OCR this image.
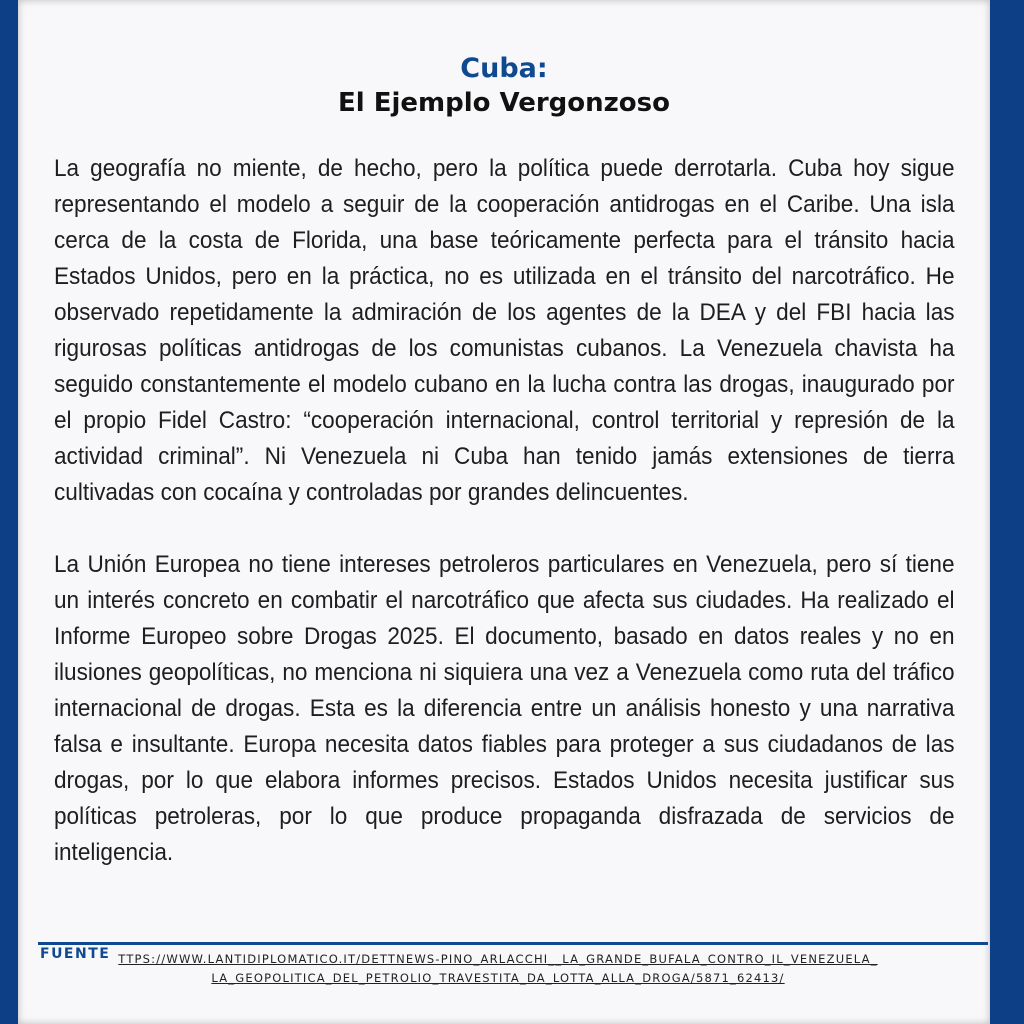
Cuba:
El Ejemplo Vergonzoso

La geografía no miente, de hecho, pero la política puede derrotarla. Cuba hoy sigue representando el modelo a seguir de la cooperación antidrogas en el Caribe. Una isla cerca de la costa de Florida, una base teóricamente perfecta para el tránsito hacia Estados Unidos, pero en la práctica, no es utilizada en el tránsito del narcotráfico. He observado repetidamente la admiración de los agentes de la DEA y del FBI hacia las rigurosas políticas antidrogas de los comunistas cubanos. La Venezuela chavista ha seguido constantemente el modelo cubano en la lucha contra las drogas, inaugurado por el propio Fidel Castro: “cooperación internacional, control territorial y represión de la actividad criminal”. Ni Venezuela ni Cuba han tenido jamás extensiones de tierra cultivadas con cocaína y controladas por grandes delincuentes.

La Unión Europea no tiene intereses petroleros particulares en Venezuela, pero sí tiene un interés concreto en combatir el narcotráfico que afecta sus ciudades. Ha realizado el Informe Europeo sobre Drogas 2025. El documento, basado en datos reales y no en ilusiones geopolíticas, no menciona ni siquiera una vez a Venezuela como ruta del tráfico internacional de drogas. Esta es la diferencia entre un análisis honesto y una narrativa falsa e insultante. Europa necesita datos fiables para proteger a sus ciudadanos de las drogas, por lo que elabora informes precisos. Estados Unidos necesita justificar sus políticas petroleras, por lo que produce propaganda disfrazada de servicios de inteligencia.

FUENTE TTPS://WWW.LANTIDIPLOMATICO.IT/DETTNEWS-PINO_ARLACCHI__LA_GRANDE_BUFALA_CONTRO_IL_VENEZUELA_LA_GEOPOLITICA_DEL_PETROLIO_TRAVESTITA_DA_LOTTA_ALLA_DROGA/5871_62413/
